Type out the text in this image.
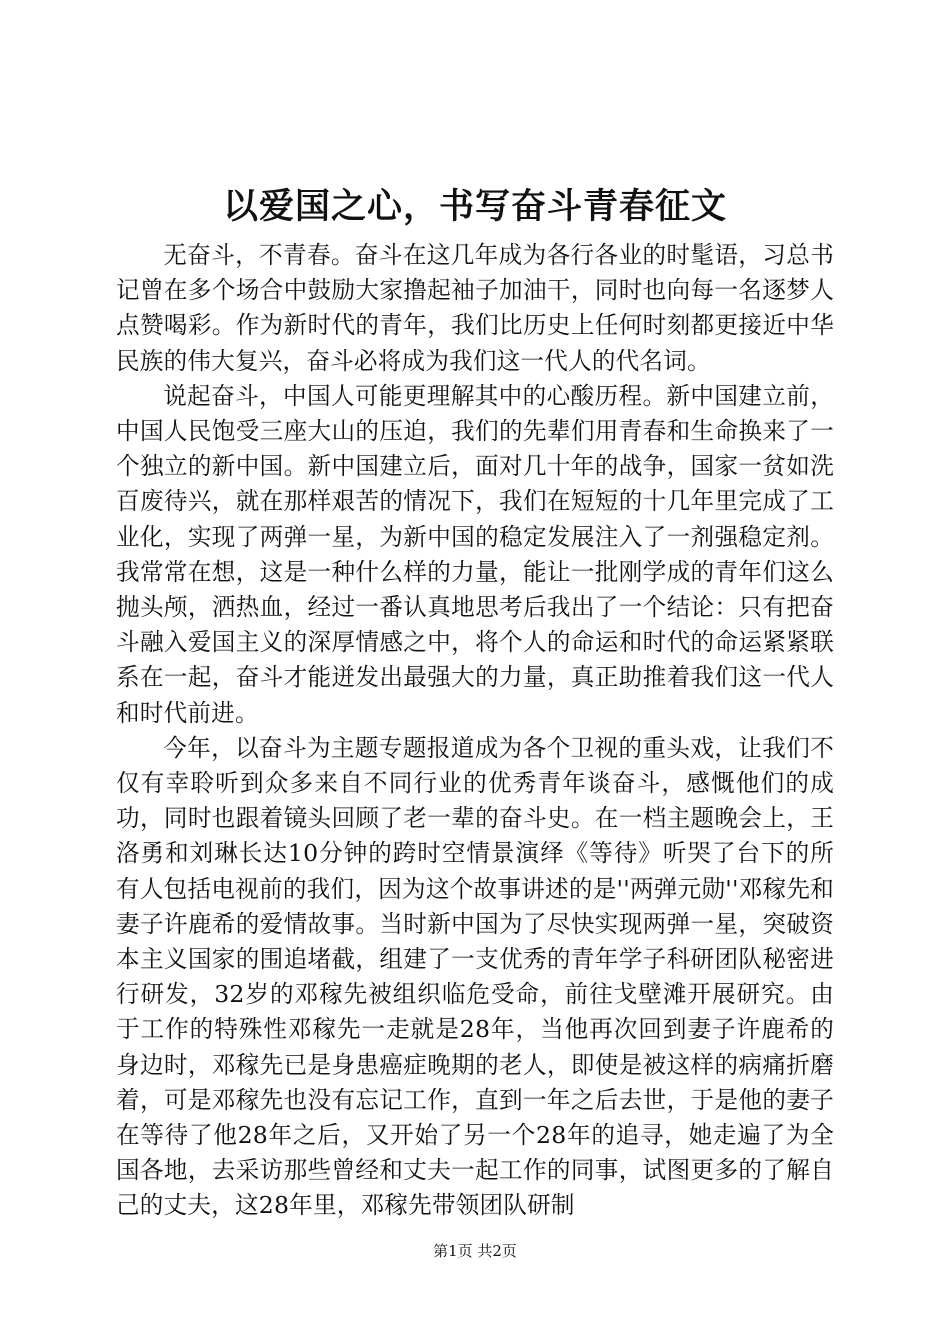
以爱国之心，书写奋斗青春征文

无奋斗，不青春。奋斗在这几年成为各行各业的时髦语，习总书记曾在多个场合中鼓励大家撸起袖子加油干，同时也向每一名逐梦人点赞喝彩。作为新时代的青年，我们比历史上任何时刻都更接近中华民族的伟大复兴，奋斗必将成为我们这一代人的代名词。

说起奋斗，中国人可能更理解其中的心酸历程。新中国建立前，中国人民饱受三座大山的压迫，我们的先辈们用青春和生命换来了一个独立的新中国。新中国建立后，面对几十年的战争，国家一贫如洗百废待兴，就在那样艰苦的情况下，我们在短短的十几年里完成了工业化，实现了两弹一星，为新中国的稳定发展注入了一剂强稳定剂。我常常在想，这是一种什么样的力量，能让一批刚学成的青年们这么抛头颅，洒热血，经过一番认真地思考后我出了一个结论：只有把奋斗融入爱国主义的深厚情感之中，将个人的命运和时代的命运紧紧联系在一起，奋斗才能迸发出最强大的力量，真正助推着我们这一代人和时代前进。

今年，以奋斗为主题专题报道成为各个卫视的重头戏，让我们不仅有幸聆听到众多来自不同行业的优秀青年谈奋斗，感慨他们的成功，同时也跟着镜头回顾了老一辈的奋斗史。在一档主题晚会上，王洛勇和刘琳长达10分钟的跨时空情景演绎《等待》听哭了台下的所有人包括电视前的我们，因为这个故事讲述的是''两弹元勋''邓稼先和妻子许鹿希的爱情故事。当时新中国为了尽快实现两弹一星，突破资本主义国家的围追堵截，组建了一支优秀的青年学子科研团队秘密进行研发，32岁的邓稼先被组织临危受命，前往戈壁滩开展研究。由于工作的特殊性邓稼先一走就是28年，当他再次回到妻子许鹿希的身边时，邓稼先已是身患癌症晚期的老人，即使是被这样的病痛折磨着，可是邓稼先也没有忘记工作，直到一年之后去世，于是他的妻子在等待了他28年之后，又开始了另一个28年的追寻，她走遍了为全国各地，去采访那些曾经和丈夫一起工作的同事，试图更多的了解自己的丈夫，这28年里，邓稼先带领团队研制

第1页 共2页
